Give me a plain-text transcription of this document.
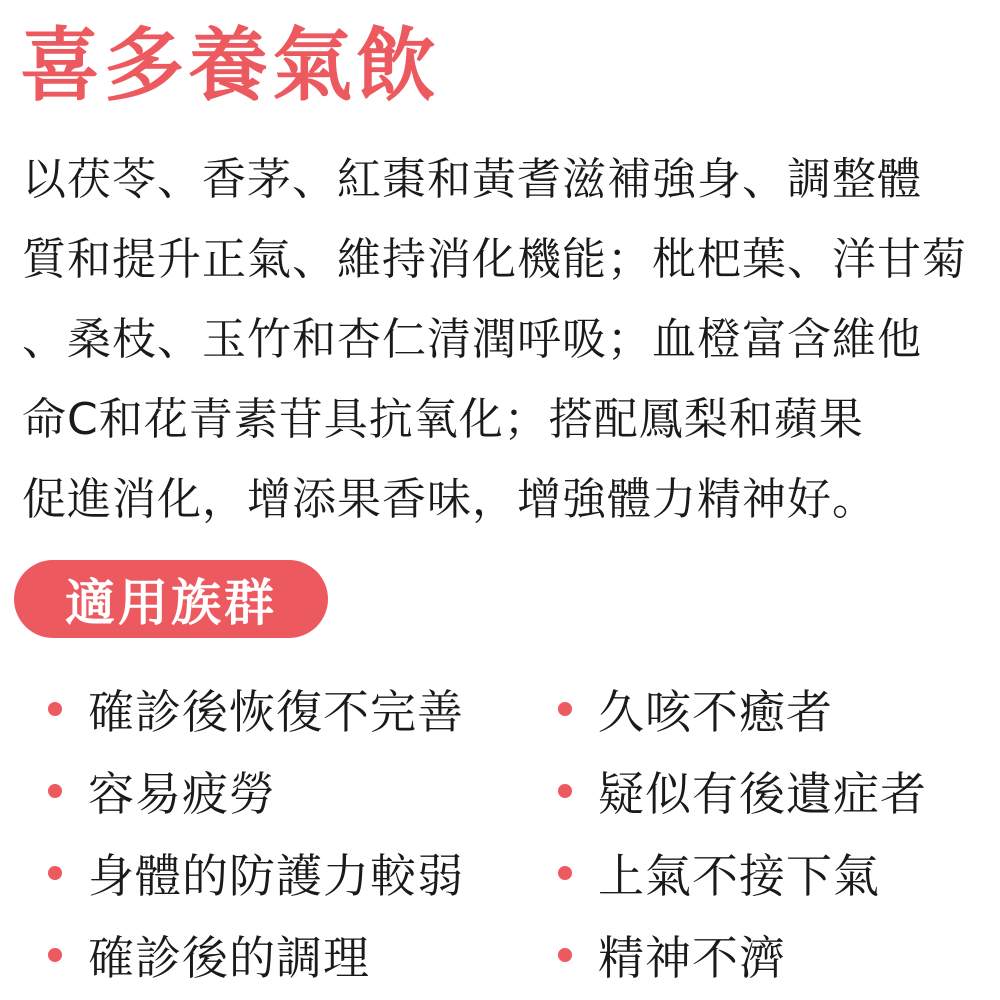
喜多養氣飲
以茯苓、香茅、紅棗和黃耆滋補強身、調整體
質和提升正氣、維持消化機能；枇杷葉、洋甘菊
、桑枝、玉竹和杏仁清潤呼吸；血橙富含維他
命C和花青素苷具抗氧化；搭配鳳梨和蘋果
促進消化，增添果香味，增強體力精神好。
適用族群
確診後恢復不完善
容易疲勞
身體的防護力較弱
確診後的調理
久咳不癒者
疑似有後遺症者
上氣不接下氣
精神不濟
